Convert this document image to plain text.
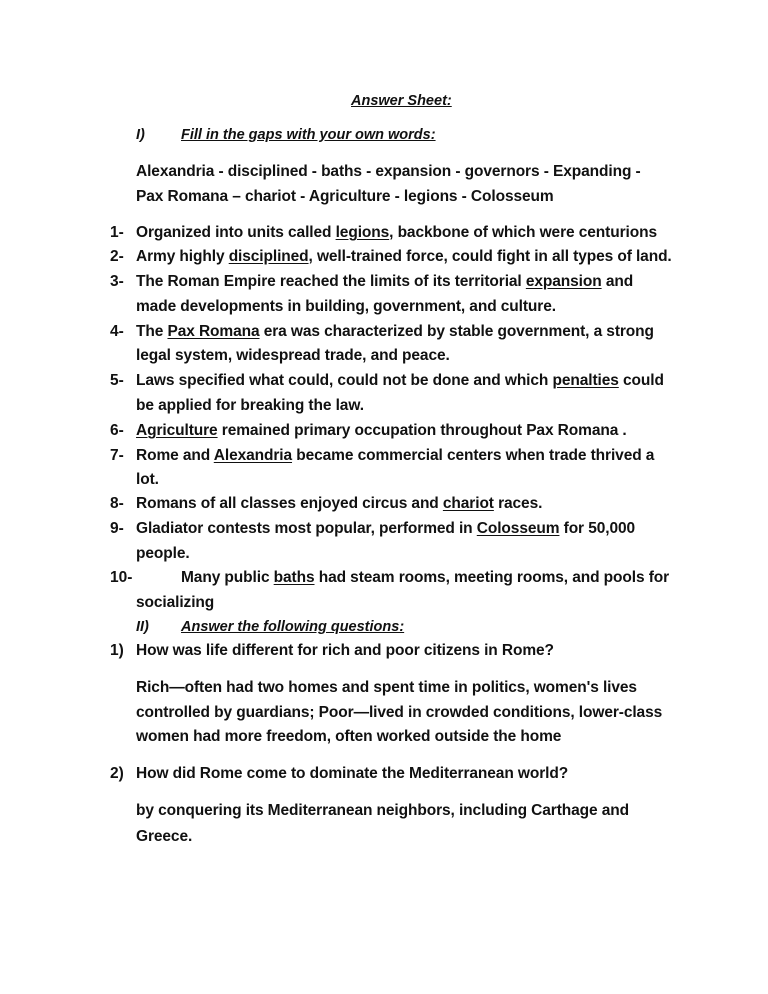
Answer Sheet:
I) Fill in the gaps with your own words:
Alexandria - disciplined - baths - expansion - governors - Expanding -
Pax Romana – chariot - Agriculture - legions - Colosseum
1- Organized into units called legions, backbone of which were centurions
2- Army highly disciplined, well-trained force, could fight in all types of land.
3- The Roman Empire reached the limits of its territorial expansion and
made developments in building, government, and culture.
4- The Pax Romana era was characterized by stable government, a strong
legal system, widespread trade, and peace.
5- Laws specified what could, could not be done and which penalties could
be applied for breaking the law.
6- Agriculture remained primary occupation throughout Pax Romana .
7- Rome and Alexandria became commercial centers when trade thrived a
lot.
8- Romans of all classes enjoyed circus and chariot races.
9- Gladiator contests most popular, performed in Colosseum for 50,000
people.
10-	Many public baths had steam rooms, meeting rooms, and pools for
socializing
II) Answer the following questions:
1) How was life different for rich and poor citizens in Rome?
Rich—often had two homes and spent time in politics, women's lives
controlled by guardians; Poor—lived in crowded conditions, lower-class
women had more freedom, often worked outside the home
2) How did Rome come to dominate the Mediterranean world?
by conquering its Mediterranean neighbors, including Carthage and
Greece.
